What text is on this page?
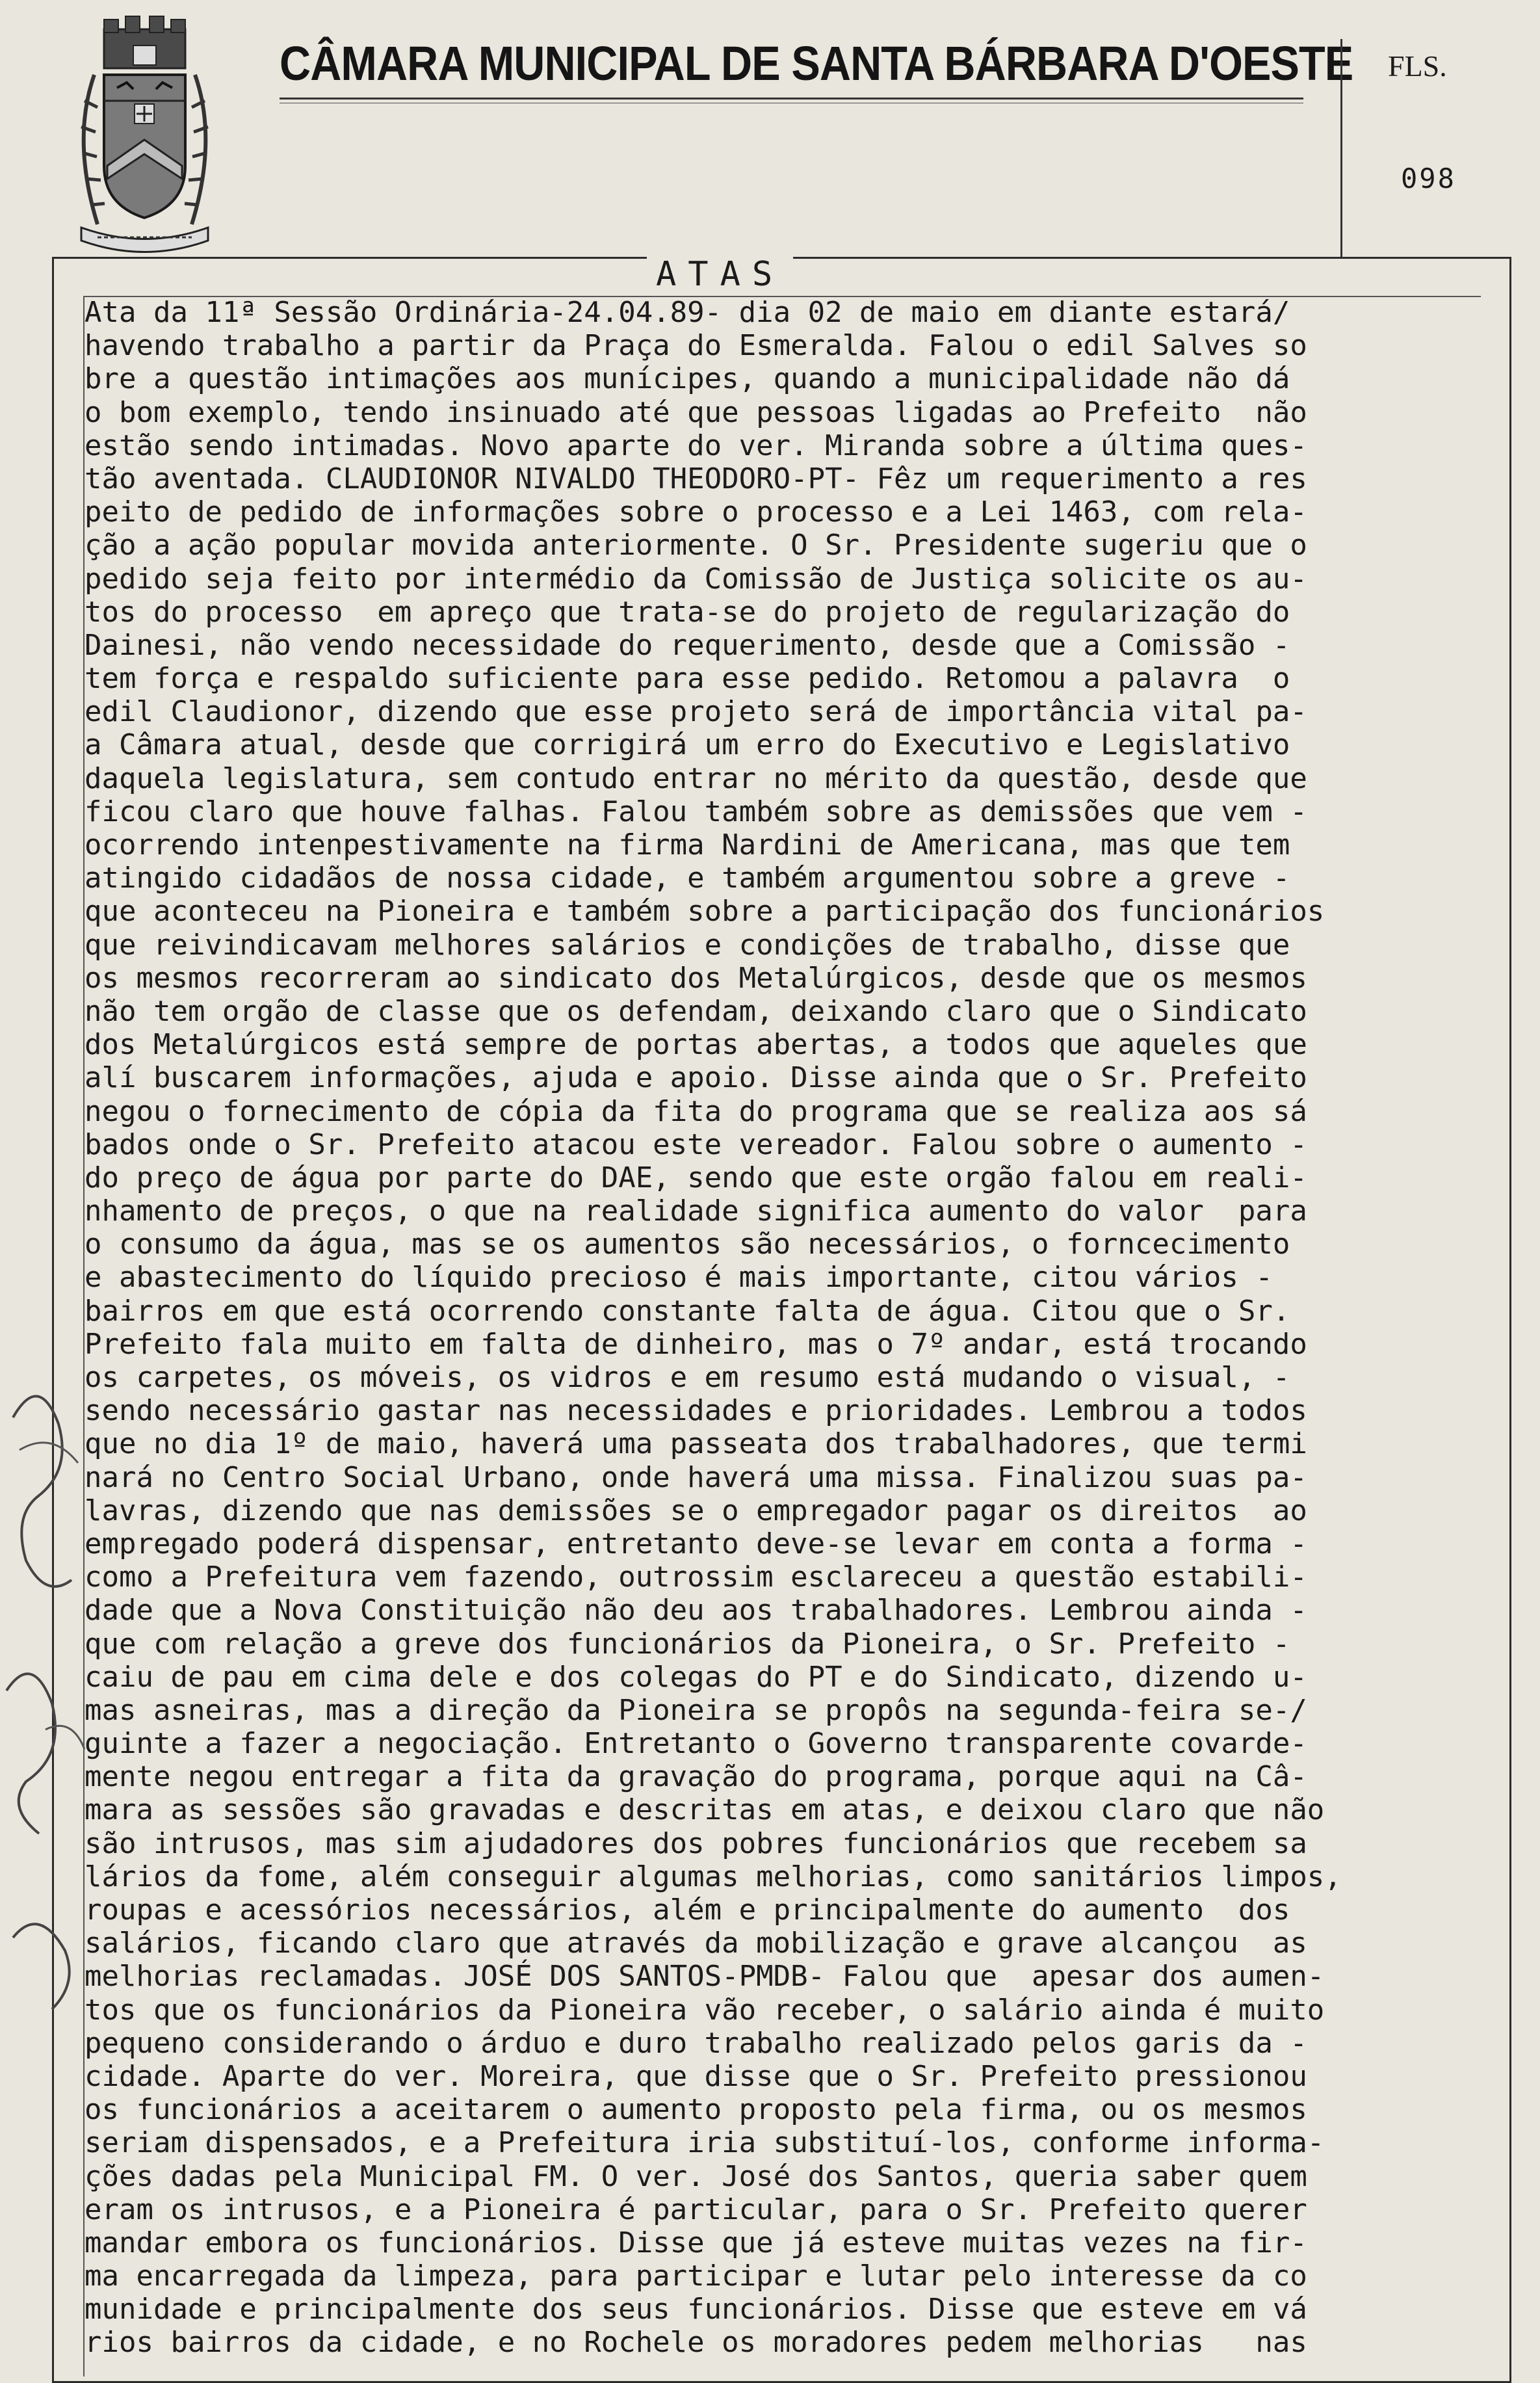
CÂMARA MUNICIPAL DE SANTA BÁRBARA D'OESTE FLS.
098
ATAS
Ata da 11ª Sessão Ordinária-24.04.89- dia 02 de maio em diante estará/
havendo trabalho a partir da Praça do Esmeralda. Falou o edil Salves so
bre a questão intimações aos munícipes, quando a municipalidade não dá
o bom exemplo, tendo insinuado até que pessoas ligadas ao Prefeito  não
estão sendo intimadas. Novo aparte do ver. Miranda sobre a última ques-
tão aventada. CLAUDIONOR NIVALDO THEODORO-PT- Fêz um requerimento a res
peito de pedido de informações sobre o processo e a Lei 1463, com rela-
ção a ação popular movida anteriormente. O Sr. Presidente sugeriu que o
pedido seja feito por intermédio da Comissão de Justiça solicite os au-
tos do processo  em apreço que trata-se do projeto de regularização do
Dainesi, não vendo necessidade do requerimento, desde que a Comissão -
tem força e respaldo suficiente para esse pedido. Retomou a palavra  o
edil Claudionor, dizendo que esse projeto será de importância vital pa-
a Câmara atual, desde que corrigirá um erro do Executivo e Legislativo
daquela legislatura, sem contudo entrar no mérito da questão, desde que
ficou claro que houve falhas. Falou também sobre as demissões que vem -
ocorrendo intenpestivamente na firma Nardini de Americana, mas que tem
atingido cidadãos de nossa cidade, e também argumentou sobre a greve -
que aconteceu na Pioneira e também sobre a participação dos funcionários
que reivindicavam melhores salários e condições de trabalho, disse que
os mesmos recorreram ao sindicato dos Metalúrgicos, desde que os mesmos
não tem orgão de classe que os defendam, deixando claro que o Sindicato
dos Metalúrgicos está sempre de portas abertas, a todos que aqueles que
alí buscarem informações, ajuda e apoio. Disse ainda que o Sr. Prefeito
negou o fornecimento de cópia da fita do programa que se realiza aos sá
bados onde o Sr. Prefeito atacou este vereador. Falou sobre o aumento -
do preço de água por parte do DAE, sendo que este orgão falou em reali-
nhamento de preços, o que na realidade significa aumento do valor  para
o consumo da água, mas se os aumentos são necessários, o forncecimento
e abastecimento do líquido precioso é mais importante, citou vários -
bairros em que está ocorrendo constante falta de água. Citou que o Sr.
Prefeito fala muito em falta de dinheiro, mas o 7º andar, está trocando
os carpetes, os móveis, os vidros e em resumo está mudando o visual, -
sendo necessário gastar nas necessidades e prioridades. Lembrou a todos
que no dia 1º de maio, haverá uma passeata dos trabalhadores, que termi
nará no Centro Social Urbano, onde haverá uma missa. Finalizou suas pa-
lavras, dizendo que nas demissões se o empregador pagar os direitos  ao
empregado poderá dispensar, entretanto deve-se levar em conta a forma -
como a Prefeitura vem fazendo, outrossim esclareceu a questão estabili-
dade que a Nova Constituição não deu aos trabalhadores. Lembrou ainda -
que com relação a greve dos funcionários da Pioneira, o Sr. Prefeito -
caiu de pau em cima dele e dos colegas do PT e do Sindicato, dizendo u-
mas asneiras, mas a direção da Pioneira se propôs na segunda-feira se-/
guinte a fazer a negociação. Entretanto o Governo transparente covarde-
mente negou entregar a fita da gravação do programa, porque aqui na Câ-
mara as sessões são gravadas e descritas em atas, e deixou claro que não
são intrusos, mas sim ajudadores dos pobres funcionários que recebem sa
lários da fome, além conseguir algumas melhorias, como sanitários limpos,
roupas e acessórios necessários, além e principalmente do aumento  dos
salários, ficando claro que através da mobilização e grave alcançou  as
melhorias reclamadas. JOSÉ DOS SANTOS-PMDB- Falou que  apesar dos aumen-
tos que os funcionários da Pioneira vão receber, o salário ainda é muito
pequeno considerando o árduo e duro trabalho realizado pelos garis da -
cidade. Aparte do ver. Moreira, que disse que o Sr. Prefeito pressionou
os funcionários a aceitarem o aumento proposto pela firma, ou os mesmos
seriam dispensados, e a Prefeitura iria substituí-los, conforme informa-
ções dadas pela Municipal FM. O ver. José dos Santos, queria saber quem
eram os intrusos, e a Pioneira é particular, para o Sr. Prefeito querer
mandar embora os funcionários. Disse que já esteve muitas vezes na fir-
ma encarregada da limpeza, para participar e lutar pelo interesse da co
munidade e principalmente dos seus funcionários. Disse que esteve em vá
rios bairros da cidade, e no Rochele os moradores pedem melhorias   nas
